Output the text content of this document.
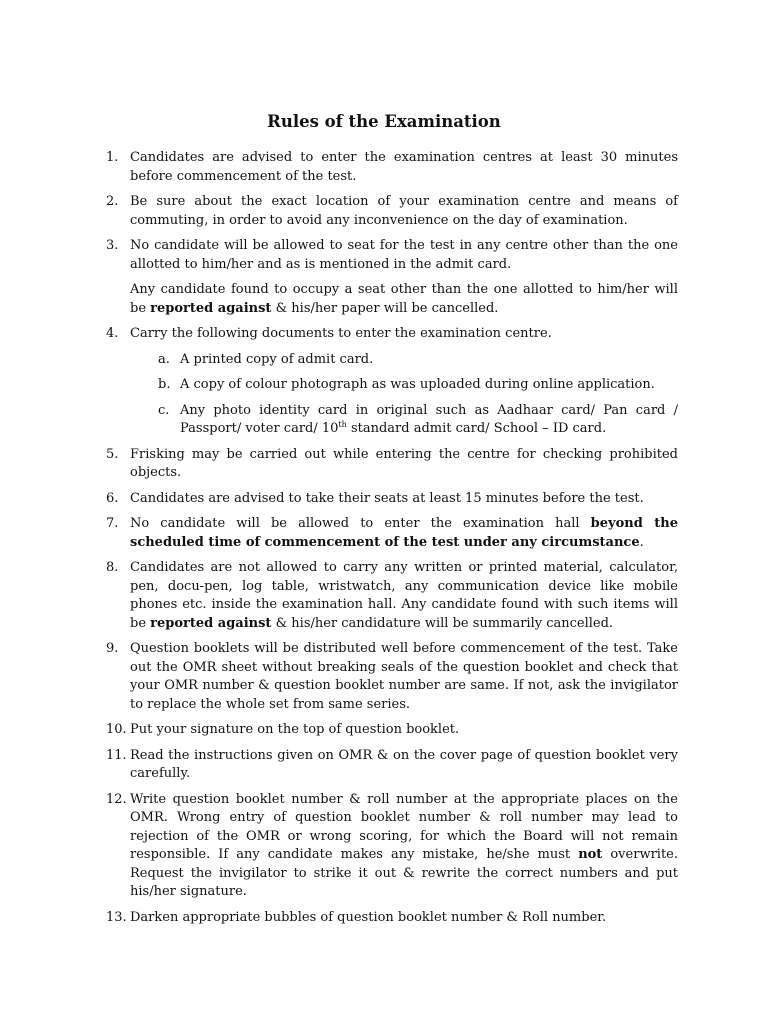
Rules of the Examination
1. Candidates are advised to enter the examination centres at least 30 minutes before commencement of the test.
2. Be sure about the exact location of your examination centre and means of commuting, in order to avoid any inconvenience on the day of examination.
3. No candidate will be allowed to seat for the test in any centre other than the one allotted to him/her and as is mentioned in the admit card.

Any candidate found to occupy a seat other than the one allotted to him/her will be reported against & his/her paper will be cancelled.

4. Carry the following documents to enter the examination centre.
a. A printed copy of admit card.
b. A copy of colour photograph as was uploaded during online application.
c. Any photo identity card in original such as Aadhaar card/ Pan card / Passport/ voter card/ 10th standard admit card/ School – ID card.
5. Frisking may be carried out while entering the centre for checking prohibited objects.
6. Candidates are advised to take their seats at least 15 minutes before the test.
7. No candidate will be allowed to enter the examination hall beyond the scheduled time of commencement of the test under any circumstance.
8. Candidates are not allowed to carry any written or printed material, calculator, pen, docu-pen, log table, wristwatch, any communication device like mobile phones etc. inside the examination hall. Any candidate found with such items will be reported against & his/her candidature will be summarily cancelled.
9. Question booklets will be distributed well before commencement of the test. Take out the OMR sheet without breaking seals of the question booklet and check that your OMR number & question booklet number are same. If not, ask the invigilator to replace the whole set from same series.
10. Put your signature on the top of question booklet.
11. Read the instructions given on OMR & on the cover page of question booklet very carefully.
12. Write question booklet number & roll number at the appropriate places on the OMR. Wrong entry of question booklet number & roll number may lead to rejection of the OMR or wrong scoring, for which the Board will not remain responsible. If any candidate makes any mistake, he/she must not overwrite. Request the invigilator to strike it out & rewrite the correct numbers and put his/her signature.
13. Darken appropriate bubbles of question booklet number & Roll number.
